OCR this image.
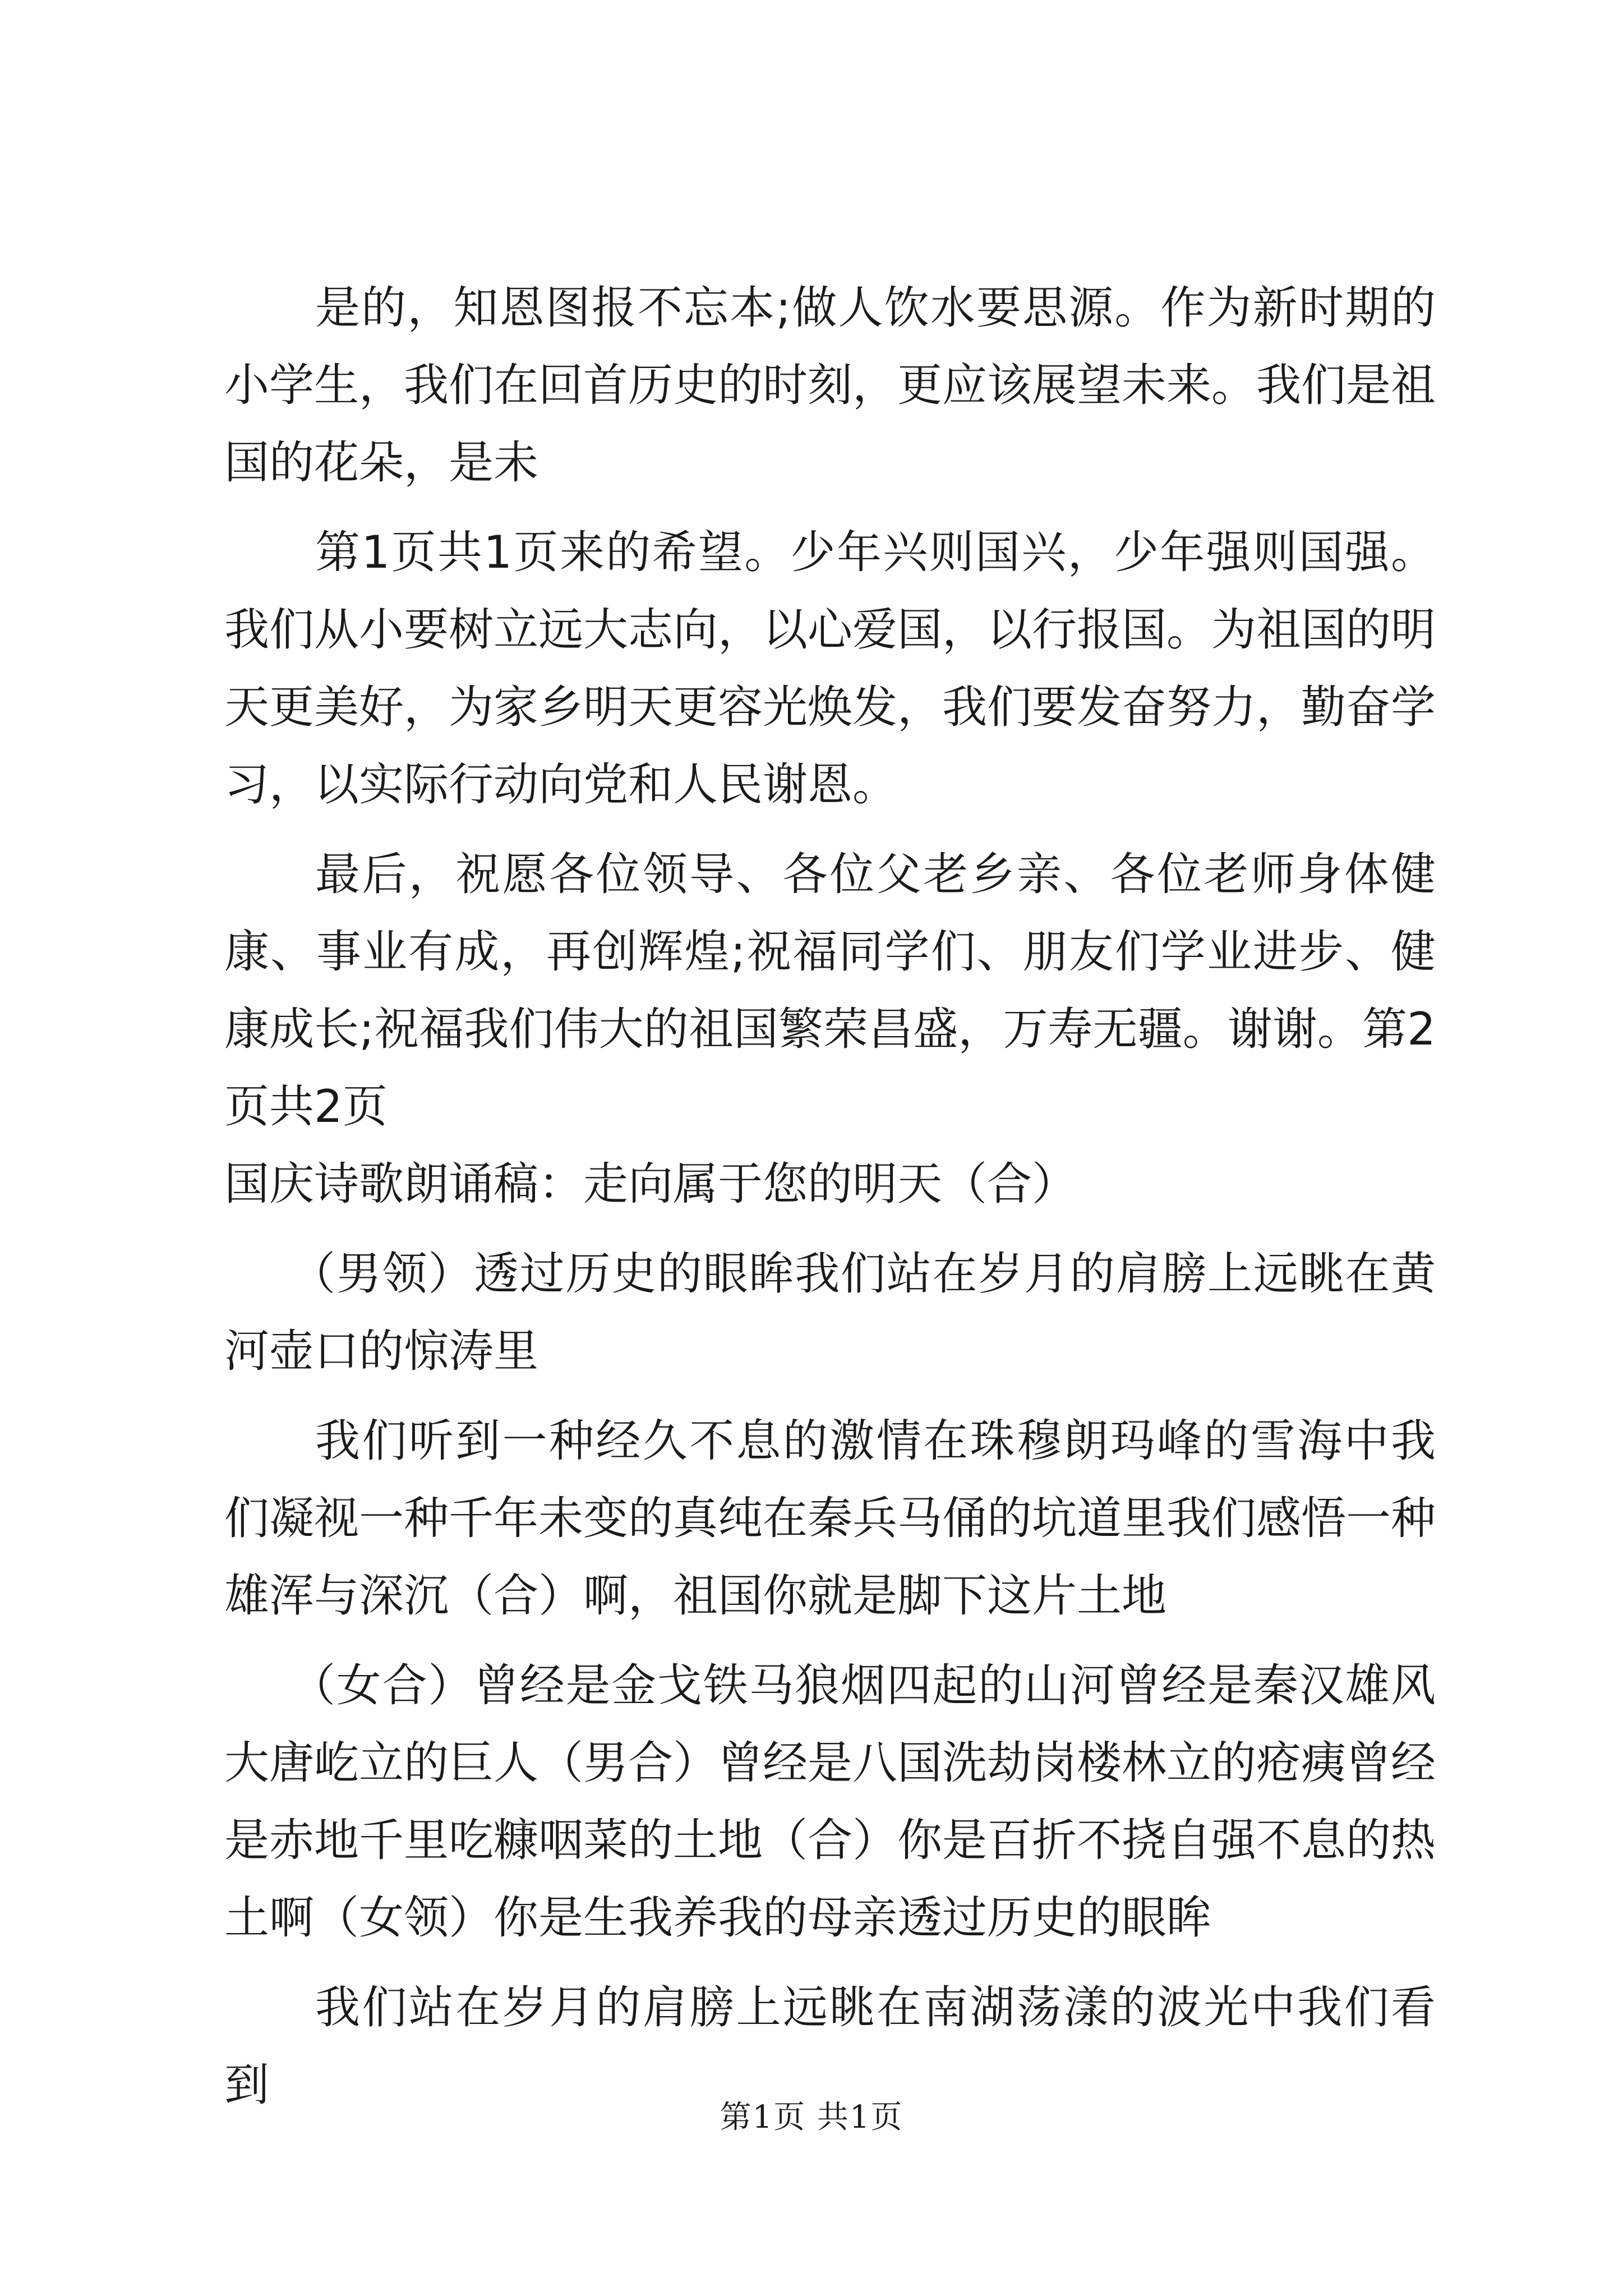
是的，知恩图报不忘本;做人饮水要思源。作为新时期的小学生，我们在回首历史的时刻，更应该展望未来。我们是祖国的花朵，是未

第1页共1页来的希望。少年兴则国兴，少年强则国强。我们从小要树立远大志向，以心爱国，以行报国。为祖国的明天更美好，为家乡明天更容光焕发，我们要发奋努力，勤奋学习，以实际行动向党和人民谢恩。

最后，祝愿各位领导、各位父老乡亲、各位老师身体健康、事业有成，再创辉煌;祝福同学们、朋友们学业进步、健康成长;祝福我们伟大的祖国繁荣昌盛，万寿无疆。谢谢。第2页共2页

国庆诗歌朗诵稿：走向属于您的明天（合）

（男领）透过历史的眼眸我们站在岁月的肩膀上远眺在黄河壶口的惊涛里

我们听到一种经久不息的激情在珠穆朗玛峰的雪海中我们凝视一种千年未变的真纯在秦兵马俑的坑道里我们感悟一种雄浑与深沉（合）啊，祖国你就是脚下这片土地

（女合）曾经是金戈铁马狼烟四起的山河曾经是秦汉雄风大唐屹立的巨人（男合）曾经是八国洗劫岗楼林立的疮痍曾经是赤地千里吃糠咽菜的土地（合）你是百折不挠自强不息的热土啊（女领）你是生我养我的母亲透过历史的眼眸

我们站在岁月的肩膀上远眺在南湖荡漾的波光中我们看到

第1页 共1页
